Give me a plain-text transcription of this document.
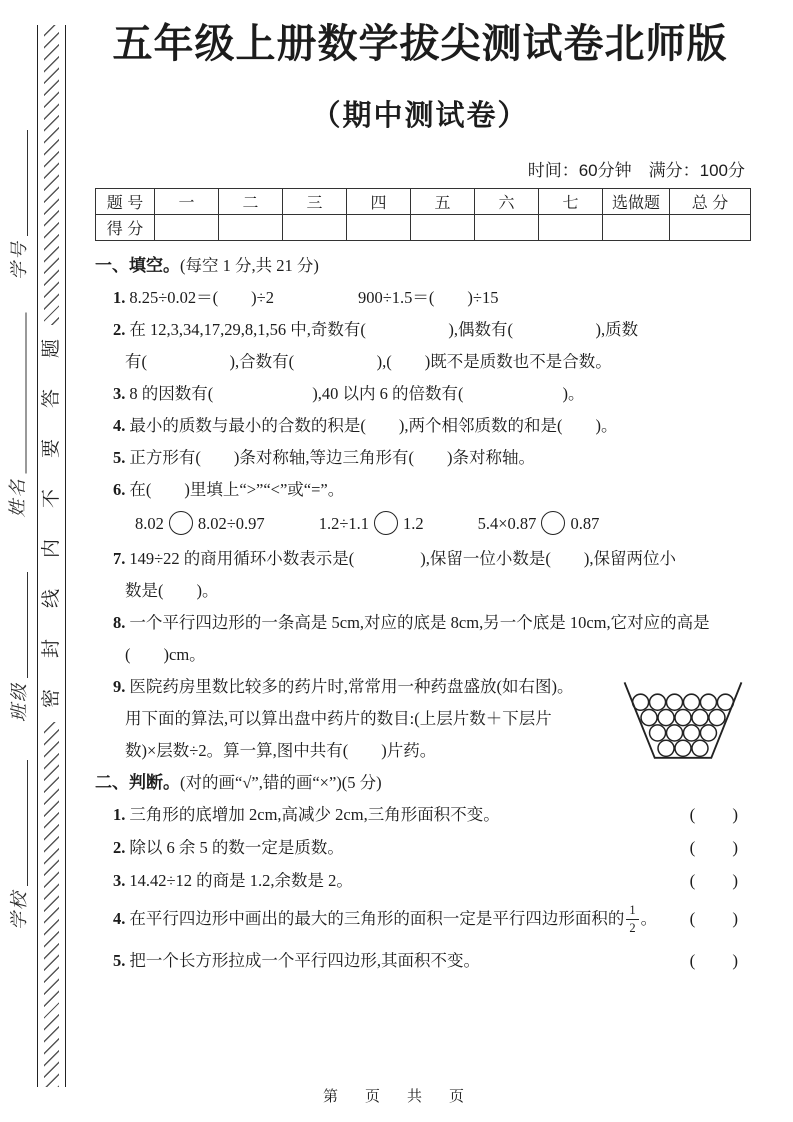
题
答
要
不
内
线
封
密
学号
姓名
班级
学校
五年级上册数学拔尖测试卷北师版
（期中测试卷）
时间：60分钟　满分：100分
题 号	一	二	三	四	五	六	七	选做题	总 分
得 分									

一、填空。(每空 1 分,共 21 分)

1. 8.25÷0.02＝(　　)÷2	900÷1.5＝(　　)÷15

2. 在 12,3,34,17,29,8,1,56 中,奇数有(　　　　　),偶数有(　　　　　),质数

有(　　　　　),合数有(　　　　　),(　　)既不是质数也不是合数。

3. 8 的因数有(　　　　　　),40 以内 6 的倍数有(　　　　　　)。

4. 最小的质数与最小的合数的积是(　　),两个相邻质数的和是(　　)。

5. 正方形有(　　)条对称轴,等边三角形有(　　)条对称轴。

6. 在(　　)里填上“>”“<”或“=”。

8.02 8.02÷0.97	1.2÷1.1 1.2	5.4×0.87 0.87

7. 149÷22 的商用循环小数表示是(　　　　),保留一位小数是(　　),保留两位小

数是(　　)。

8. 一个平行四边形的一条高是 5cm,对应的底是 8cm,另一个底是 10cm,它对应的高是

(　　)cm。

9. 医院药房里数比较多的药片时,常常用一种药盘盛放(如右图)。

用下面的算法,可以算出盘中药片的数目:(上层片数＋下层片

数)×层数÷2。算一算,图中共有(　　)片药。

二、判断。(对的画“√”,错的画“×”)(5 分)

1. 三角形的底增加 2cm,高减少 2cm,三角形面积不变。	(　　)

2. 除以 6 余 5 的数一定是质数。	(　　)

3. 14.42÷12 的商是 1.2,余数是 2。	(　　)

4. 在平行四边形中画出的最大的三角形的面积一定是平行四边形面积的 $\frac{1}{2}$ 。 (　　)

5. 把一个长方形拉成一个平行四边形,其面积不变。	(　　)

第　页　共　页
